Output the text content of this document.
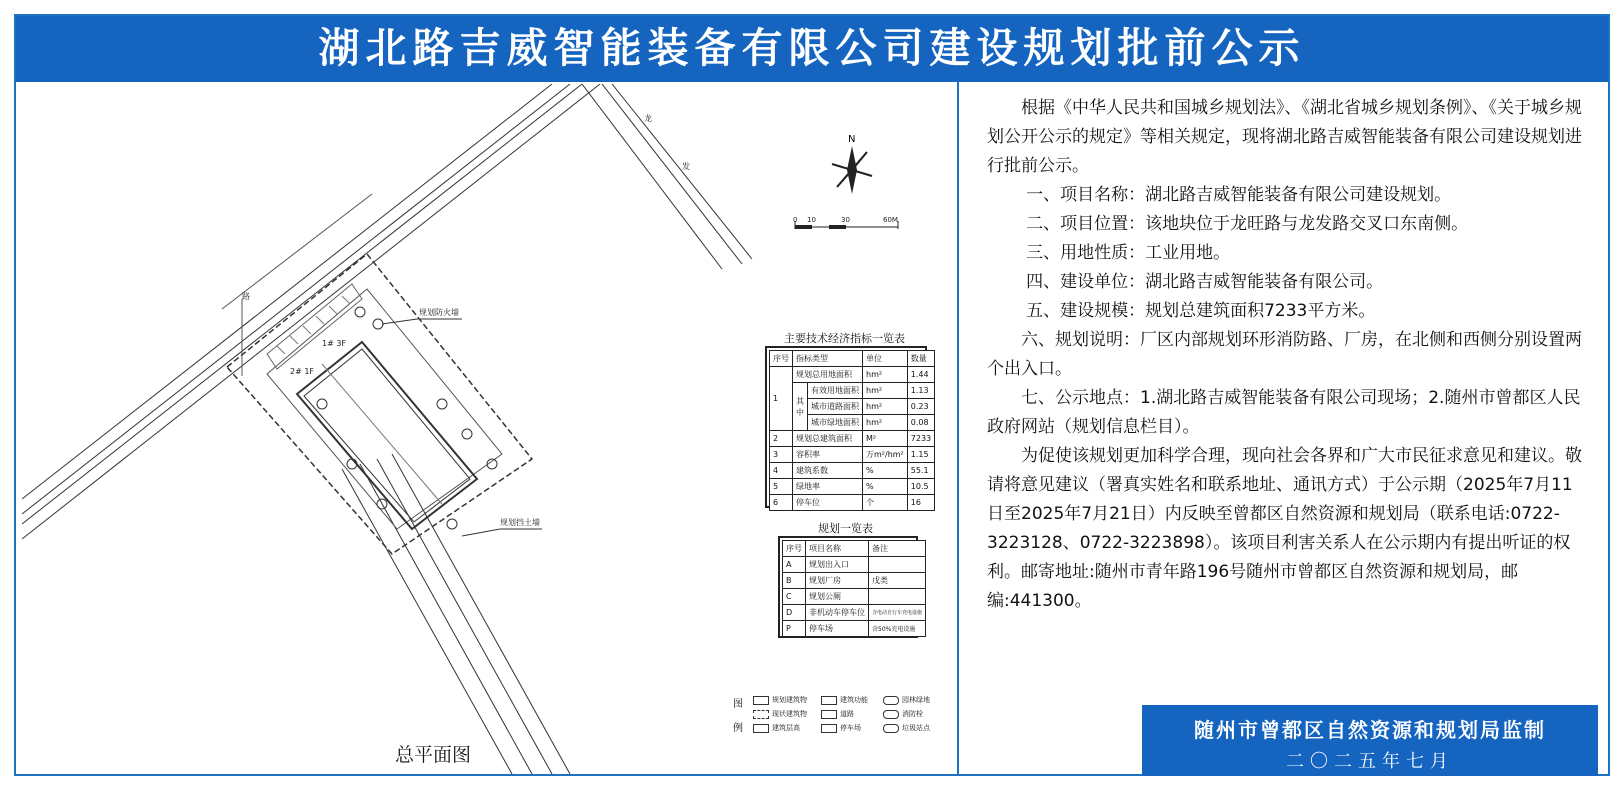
湖北路吉威智能装备有限公司建设规划批前公示
龙
发
路
规划防火墙
规划挡土墙
1# 3F
2# 1F
N
0 10	30	60M
主要技术经济指标一览表
序号	指标类型		单位	数量
1	规划总用地面积		hm²	1.44
	其中	有效用地面积	hm²	1.13
		城市道路面积	hm²	0.23
		城市绿地面积	hm²	0.08
2	规划总建筑面积		M²	7233
3	容积率		万m²/hm²	1.15
4	建筑系数		%	55.1
5	绿地率		%	10.5
6	停车位		个	16
规划一览表
序号	项目名称	备注
A	规划出入口	
B	规划厂房	戊类
C	规划公厕	
D	非机动车停车位	含电动自行车充电设施
P	停车场	含50%充电设施
图
例
规划建筑物
现状建筑物
建筑层高
建筑功能
道路
停车场
园林绿地
消防栓
垃圾站点
总平面图

根据《中华人民共和国城乡规划法》、《湖北省城乡规划条例》、《关于城乡规划公开公示的规定》等相关规定，现将湖北路吉威智能装备有限公司建设规划进行批前公示。

一、项目名称：湖北路吉威智能装备有限公司建设规划。

二、项目位置：该地块位于龙旺路与龙发路交叉口东南侧。

三、用地性质：工业用地。

四、建设单位：湖北路吉威智能装备有限公司。

五、建设规模：规划总建筑面积7233平方米。

六、规划说明：厂区内部规划环形消防路、厂房，在北侧和西侧分别设置两个出入口。

七、公示地点：1.湖北路吉威智能装备有限公司现场；2.随州市曾都区人民政府网站（规划信息栏目）。

为促使该规划更加科学合理，现向社会各界和广大市民征求意见和建议。敬请将意见建议（署真实姓名和联系地址、通讯方式）于公示期（2025年7月11日至2025年7月21日）内反映至曾都区自然资源和规划局（联系电话:0722-3223128、0722-3223898）。该项目利害关系人在公示期内有提出听证的权利。邮寄地址:随州市青年路196号随州市曾都区自然资源和规划局，邮编:441300。

随州市曾都区自然资源和规划局监制
二〇二五年七月
